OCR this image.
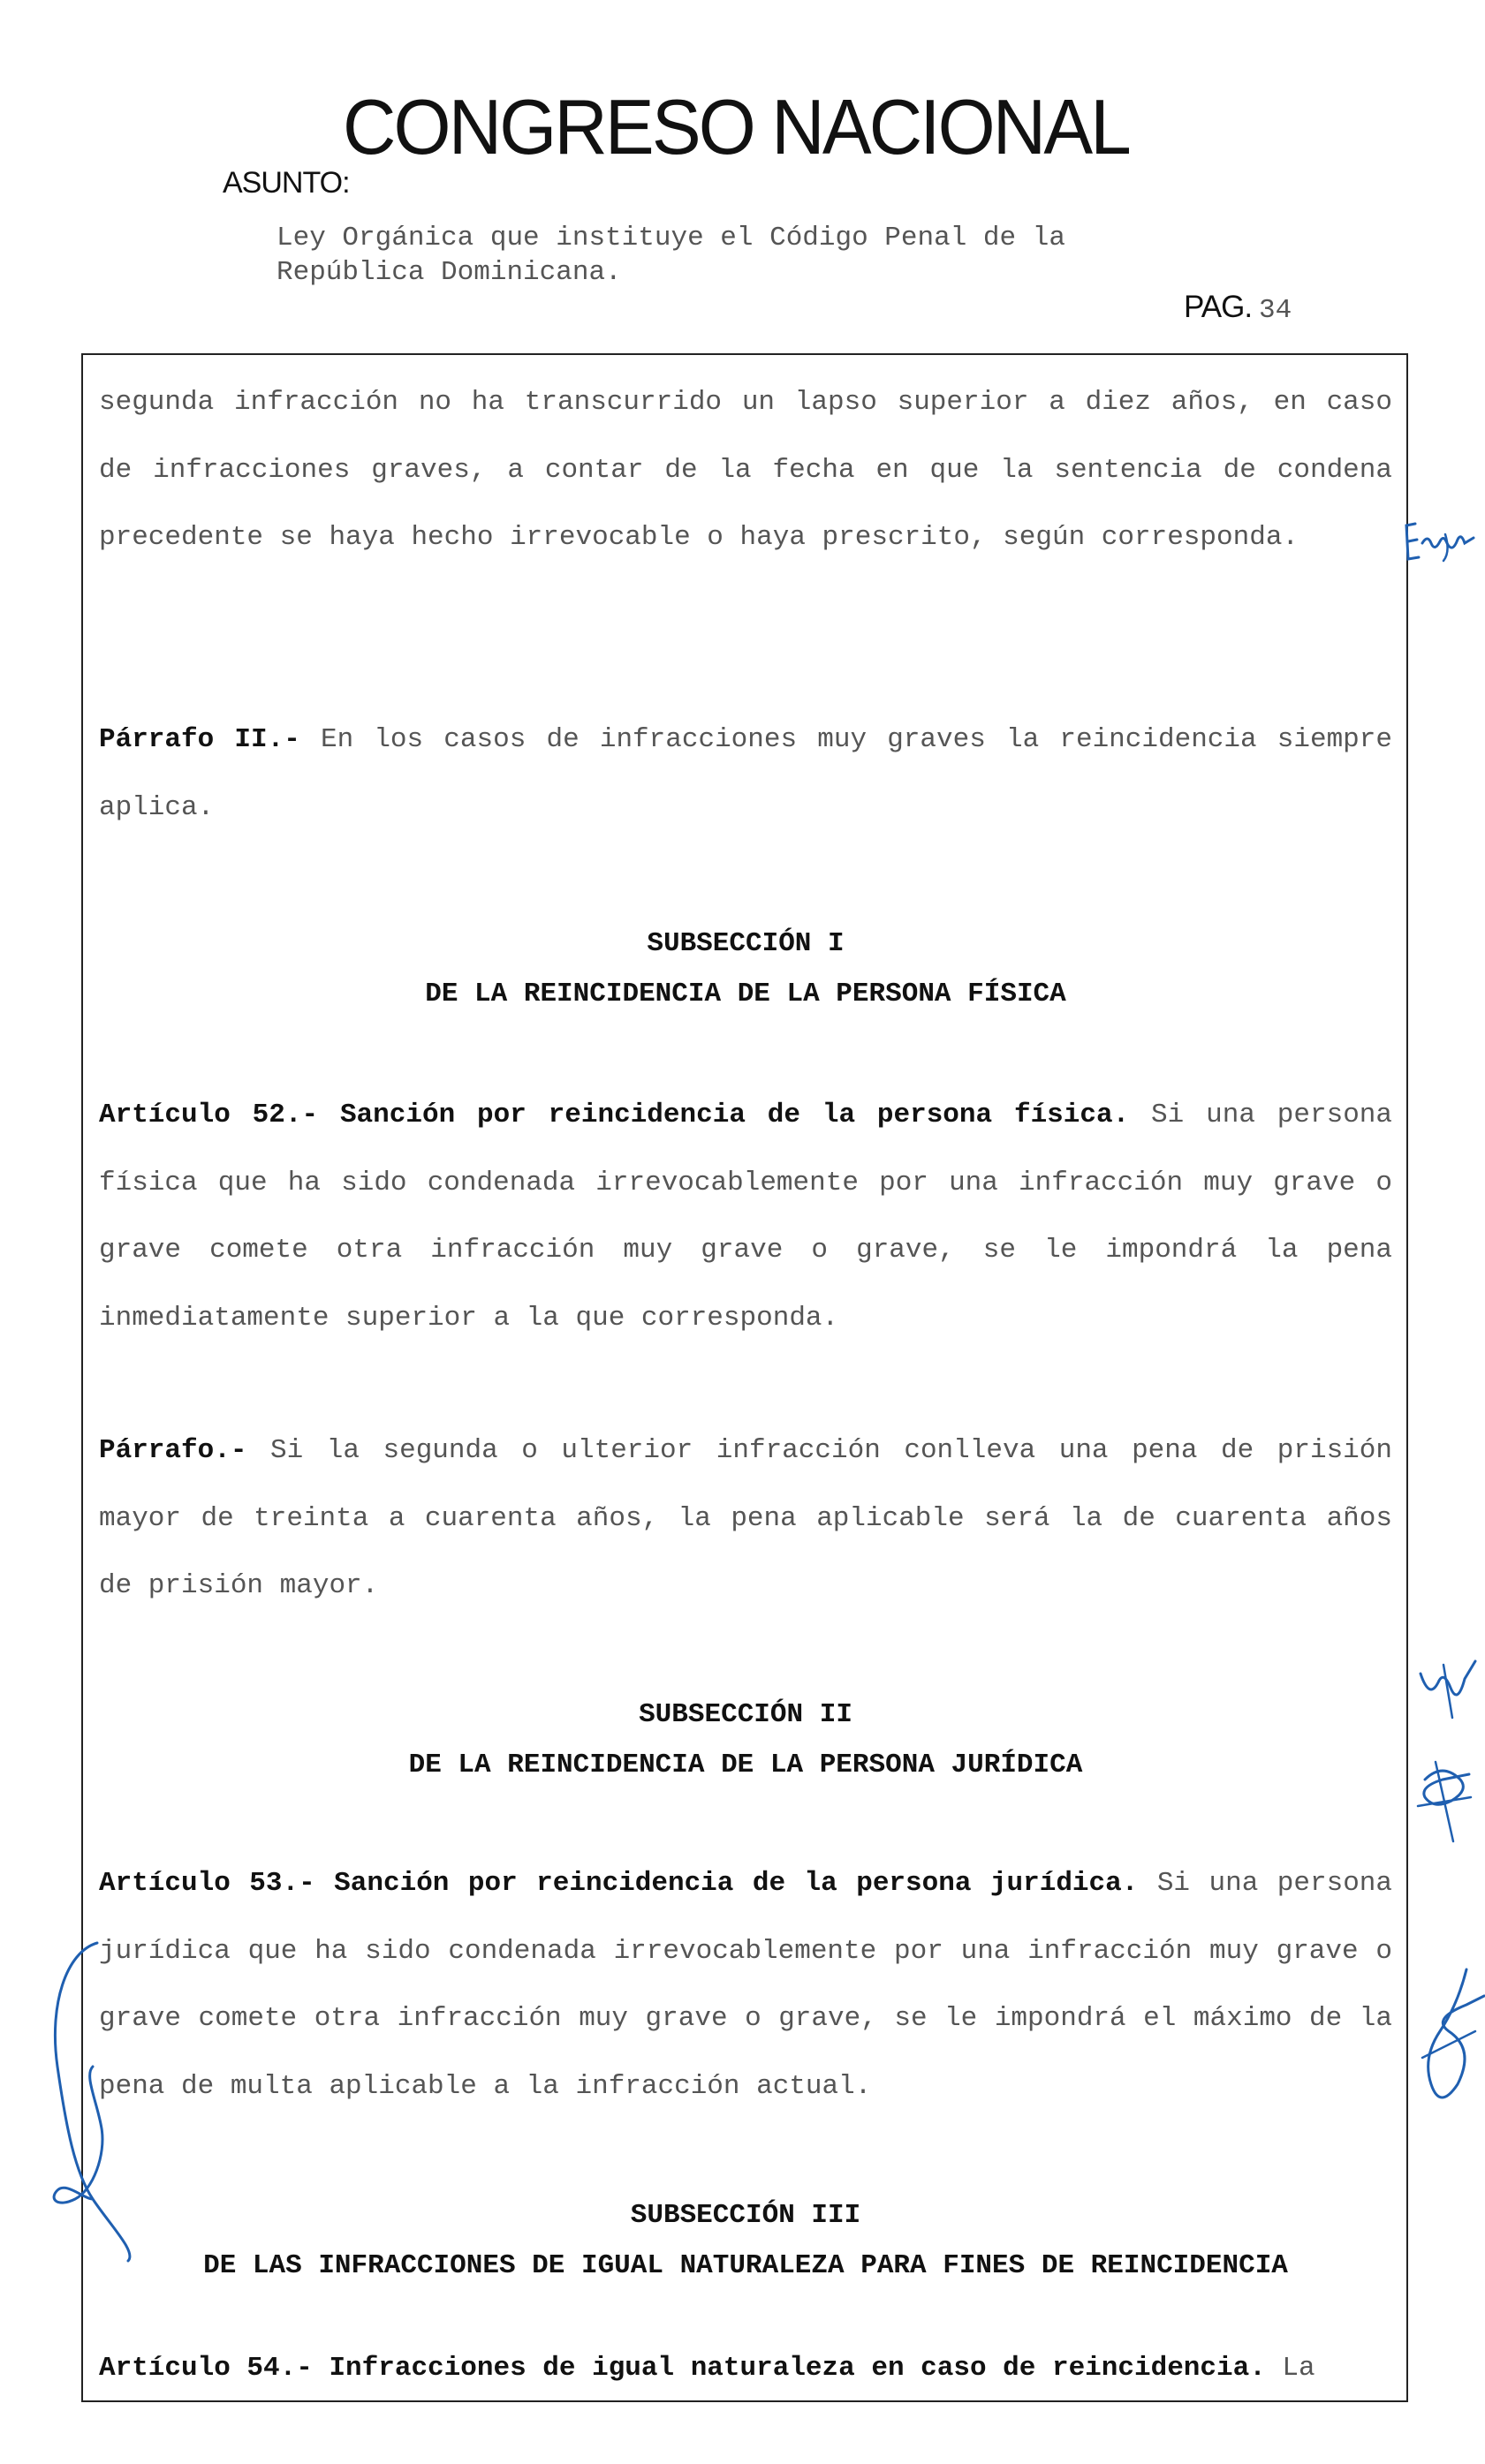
CONGRESO NACIONAL
ASUNTO:
Ley Orgánica que instituye el Código Penal de la
República Dominicana.
PAG. 34

segunda infracción no ha transcurrido un lapso superior a diez años, en caso de infracciones graves, a contar de la fecha en que la sentencia de condena precedente se haya hecho irrevocable o haya prescrito, según corresponda.

Párrafo II.- En los casos de infracciones muy graves la reincidencia siempre aplica.

SUBSECCIÓN I

DE LA REINCIDENCIA DE LA PERSONA FÍSICA

Artículo 52.- Sanción por reincidencia de la persona física. Si una persona física que ha sido condenada irrevocablemente por una infracción muy grave o grave comete otra infracción muy grave o grave, se le impondrá la pena inmediatamente superior a la que corresponda.

Párrafo.- Si la segunda o ulterior infracción conlleva una pena de prisión mayor de treinta a cuarenta años, la pena aplicable será la de cuarenta años de prisión mayor.

SUBSECCIÓN II

DE LA REINCIDENCIA DE LA PERSONA JURÍDICA

Artículo 53.- Sanción por reincidencia de la persona jurídica. Si una persona jurídica que ha sido condenada irrevocablemente por una infracción muy grave o grave comete otra infracción muy grave o grave, se le impondrá el máximo de la pena de multa aplicable a la infracción actual.

SUBSECCIÓN III

DE LAS INFRACCIONES DE IGUAL NATURALEZA PARA FINES DE REINCIDENCIA

Artículo 54.- Infracciones de igual naturaleza en caso de reincidencia. La
